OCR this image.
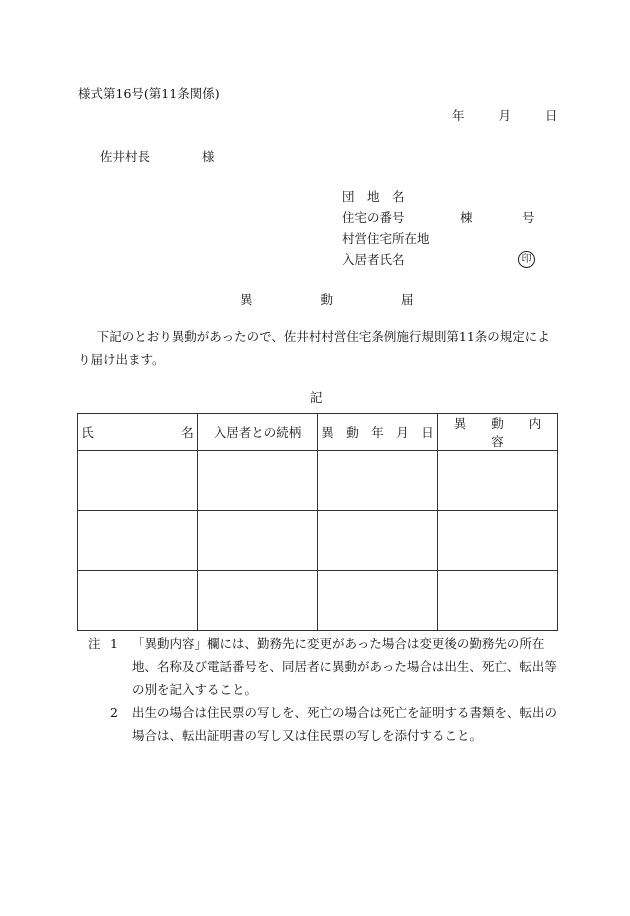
様式第16号(第11条関係)
年	月	日
佐井村長	様
団　地　名
住宅の番号	棟	号
村営住宅所在地
入居者氏名	印
異	動	届
下記のとおり異動があったので、佐井村村営住宅条例施行規則第11条の規定により届け出ます。
記
氏　　　　　　　名	入居者との続柄	異　動　年　月　日	異　　動　　内　　容

注 1 「異動内容」欄には、勤務先に変更があった場合は変更後の勤務先の所在地、名称及び電話番号を、同居者に異動があった場合は出生、死亡、転出等の別を記入すること。
2 出生の場合は住民票の写しを、死亡の場合は死亡を証明する書類を、転出の場合は、転出証明書の写し又は住民票の写しを添付すること。
